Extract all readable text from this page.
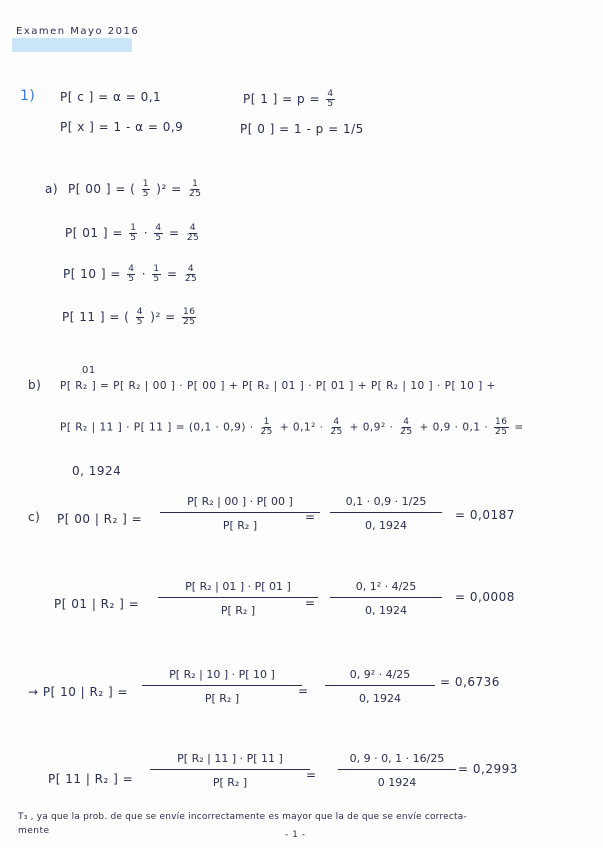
Examen Mayo 2016
1) P[ c ] = α = 0,1
P[ x ] = 1 - α = 0,9
P[ 1 ] = $p = \frac{4}{5}$
P[ 0 ] = 1 - p = 1/5
a) P[ 00 ] = ( $\frac{1}{5} )^2 = \frac{1}{25}$
P[ 01 ] = $\frac{1}{5} \cdot \frac{4}{5} = \frac{4}{25}$
P[ 10 ] = $\frac{4}{5} \cdot \frac{1}{5} = \frac{4}{25}$
P[ 11 ] = ( $\frac{4}{5} )^2 = \frac{16}{25}$
01
b) P[ R₂ ] = P[ R₂ | 00 ] · P[ 00 ] + P[ R₂ | 01 ] · P[ 01 ] + P[ R₂ | 10 ] · P[ 10 ] +
P[ R₂ | 11 ] · P[ 11 ] = $(0,1 \cdot 0,9) \cdot \frac{1}{25} + 0,1^2 \cdot \frac{4}{25} + 0,9^2 \cdot \frac{4}{25} + 0,9 \cdot 0,1 \cdot \frac{16}{25}$ =
0, 1924
c) P[ 00 | R₂ ] =
P[ R₂ | 00 ] · P[ 00 ]
P[ R₂ ]
=
0,1 · 0,9 · 1/25
0, 1924
= 0,0187
P[ 01 | R₂ ] =
P[ R₂ | 01 ] · P[ 01 ]
P[ R₂ ]
=
0, 1² · 4/25
0, 1924
= 0,0008
→ P[ 10 | R₂ ] =
P[ R₂ | 10 ] · P[ 10 ]
P[ R₂ ]
=
0, 9² · 4/25
0, 1924
= 0,6736
P[ 11 | R₂ ] =
P[ R₂ | 11 ] · P[ 11 ]
P[ R₂ ]
=
0, 9 · 0, 1 · 16/25
0 1924
= 0,2993
T₃ , ya que la prob. de que se envíe incorrectamente es mayor que la de que se envíe correcta-
mente	- 1 -
